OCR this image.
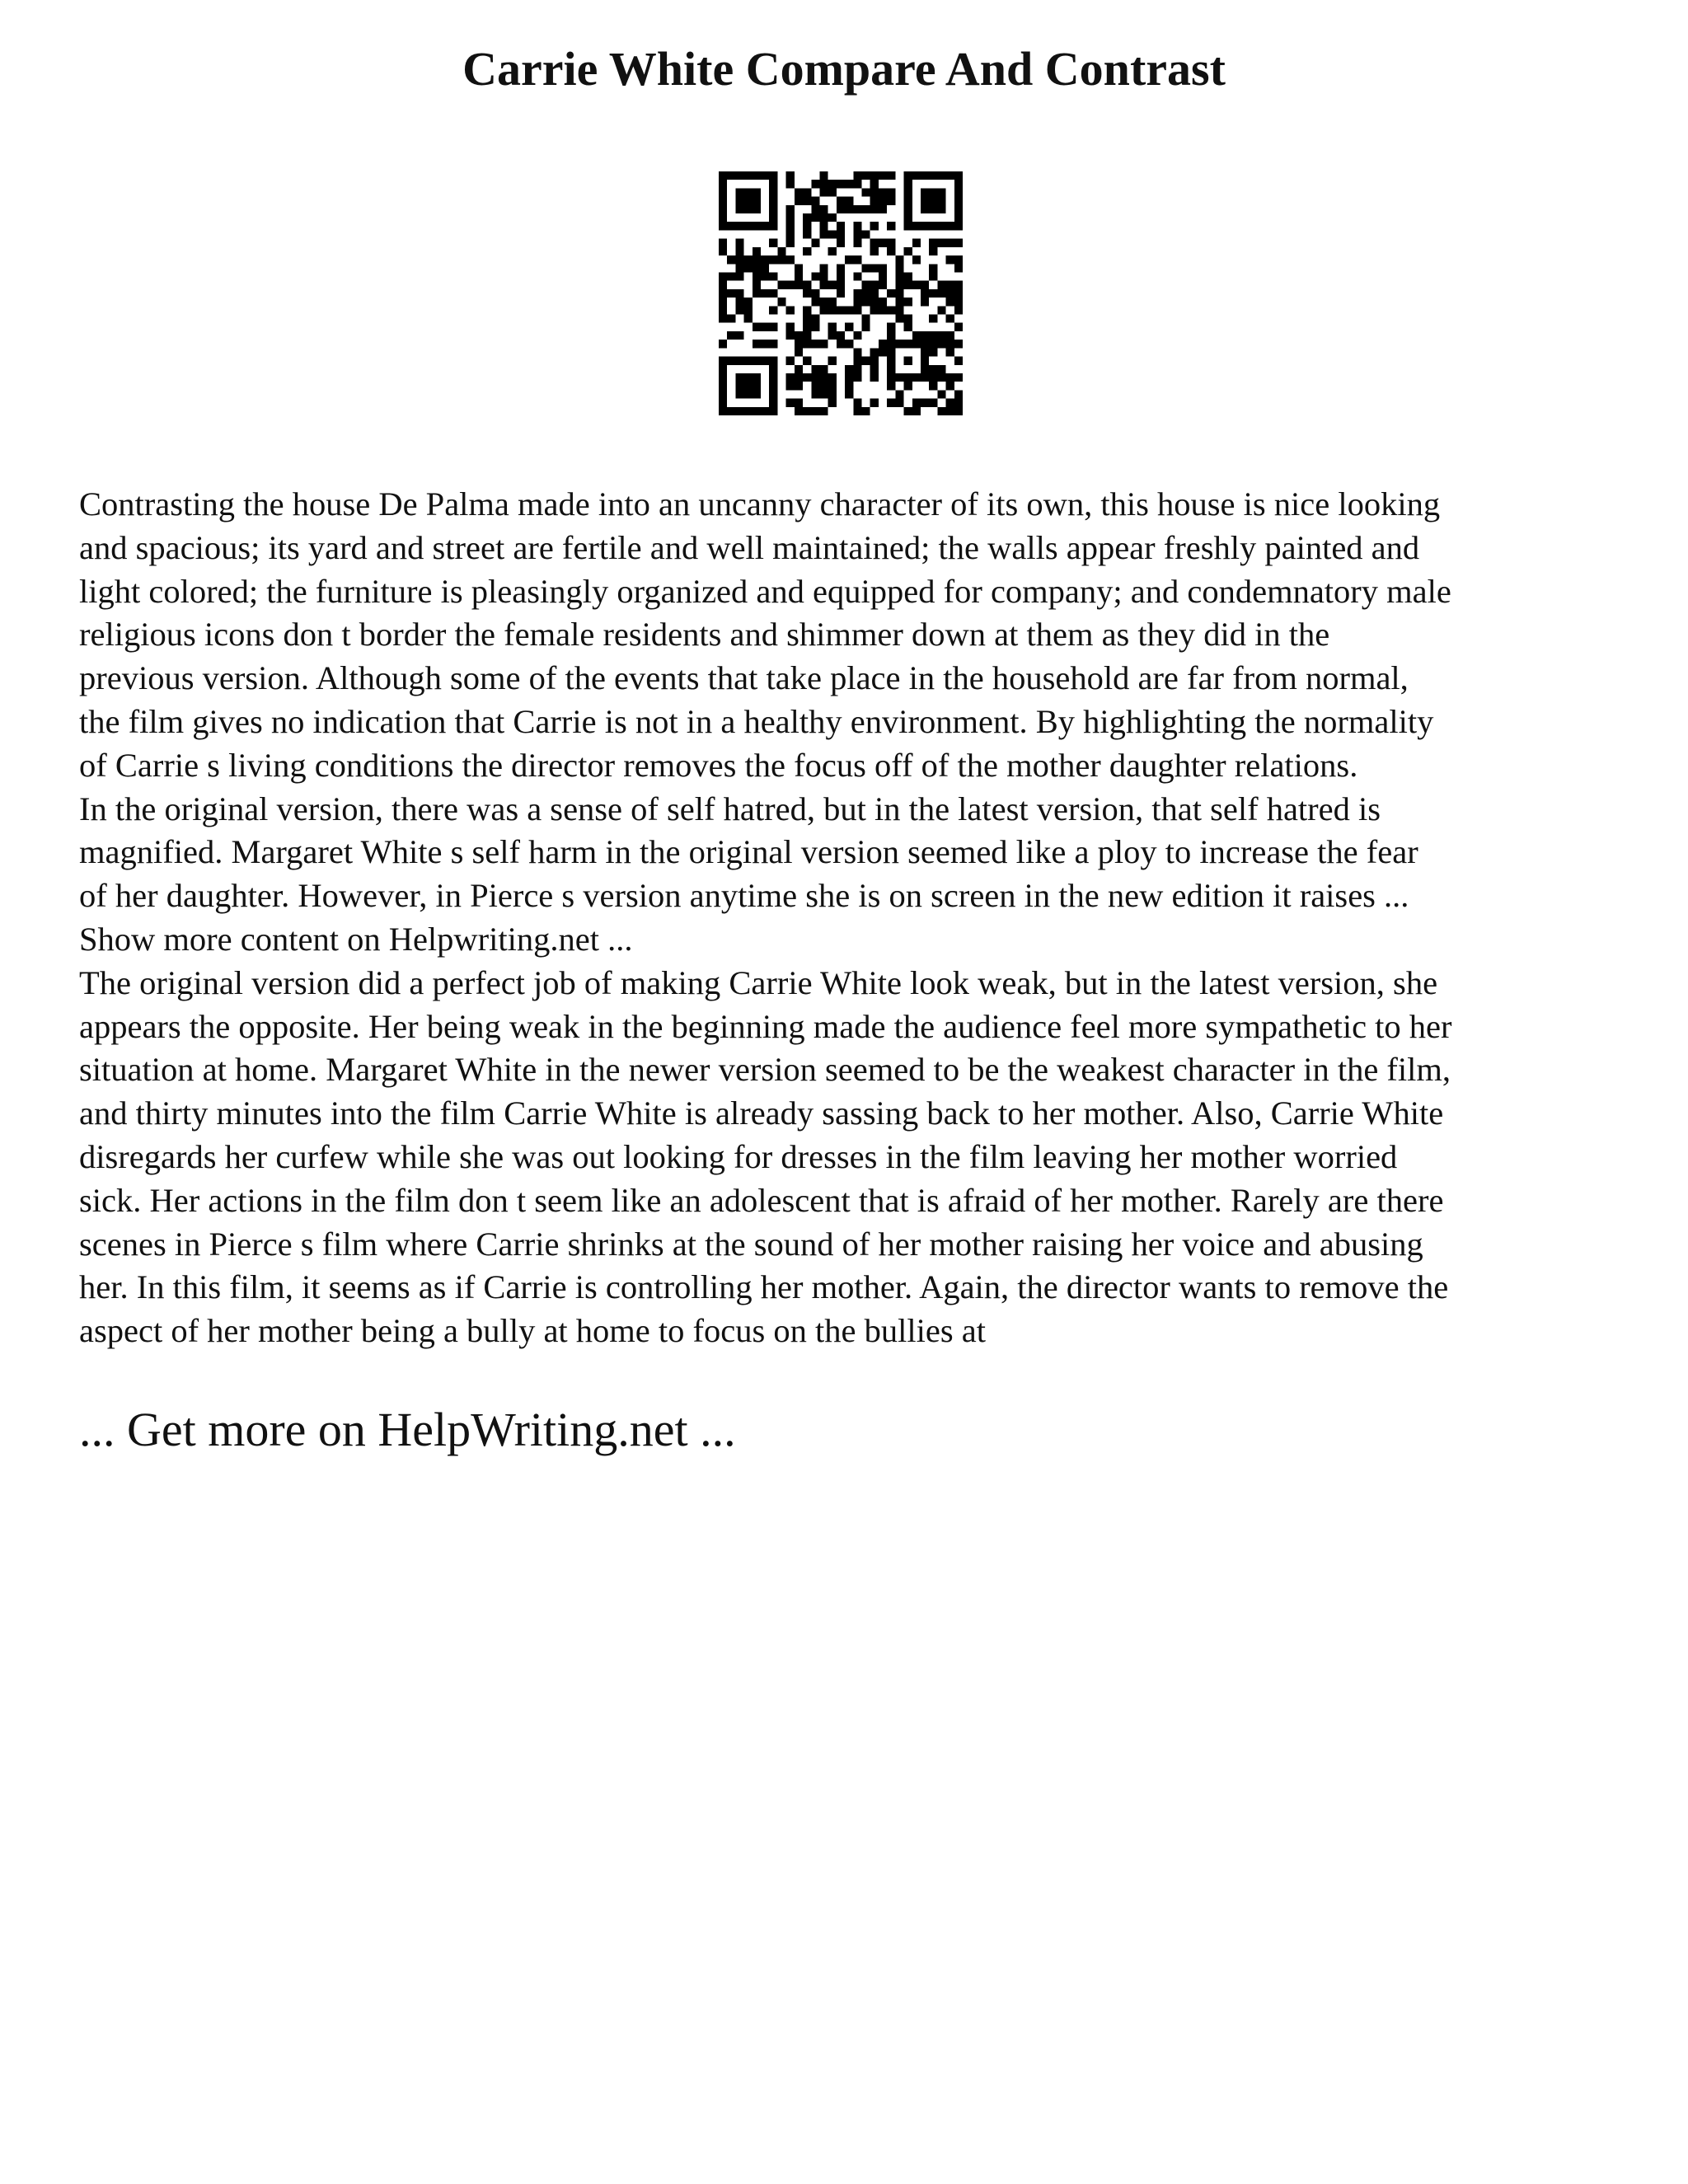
Carrie White Compare And Contrast

Contrasting the house De Palma made into an uncanny character of its own, this house is nice looking
and spacious; its yard and street are fertile and well maintained; the walls appear freshly painted and
light colored; the furniture is pleasingly organized and equipped for company; and condemnatory male
religious icons don t border the female residents and shimmer down at them as they did in the
previous version. Although some of the events that take place in the household are far from normal,
the film gives no indication that Carrie is not in a healthy environment. By highlighting the normality
of Carrie s living conditions the director removes the focus off of the mother daughter relations.

In the original version, there was a sense of self hatred, but in the latest version, that self hatred is
magnified. Margaret White s self harm in the original version seemed like a ploy to increase the fear
of her daughter. However, in Pierce s version anytime she is on screen in the new edition it raises ...

Show more content on Helpwriting.net ...

The original version did a perfect job of making Carrie White look weak, but in the latest version, she
appears the opposite. Her being weak in the beginning made the audience feel more sympathetic to her
situation at home. Margaret White in the newer version seemed to be the weakest character in the film,
and thirty minutes into the film Carrie White is already sassing back to her mother. Also, Carrie White
disregards her curfew while she was out looking for dresses in the film leaving her mother worried
sick. Her actions in the film don t seem like an adolescent that is afraid of her mother. Rarely are there
scenes in Pierce s film where Carrie shrinks at the sound of her mother raising her voice and abusing
her. In this film, it seems as if Carrie is controlling her mother. Again, the director wants to remove the
aspect of her mother being a bully at home to focus on the bullies at

... Get more on HelpWriting.net ...
